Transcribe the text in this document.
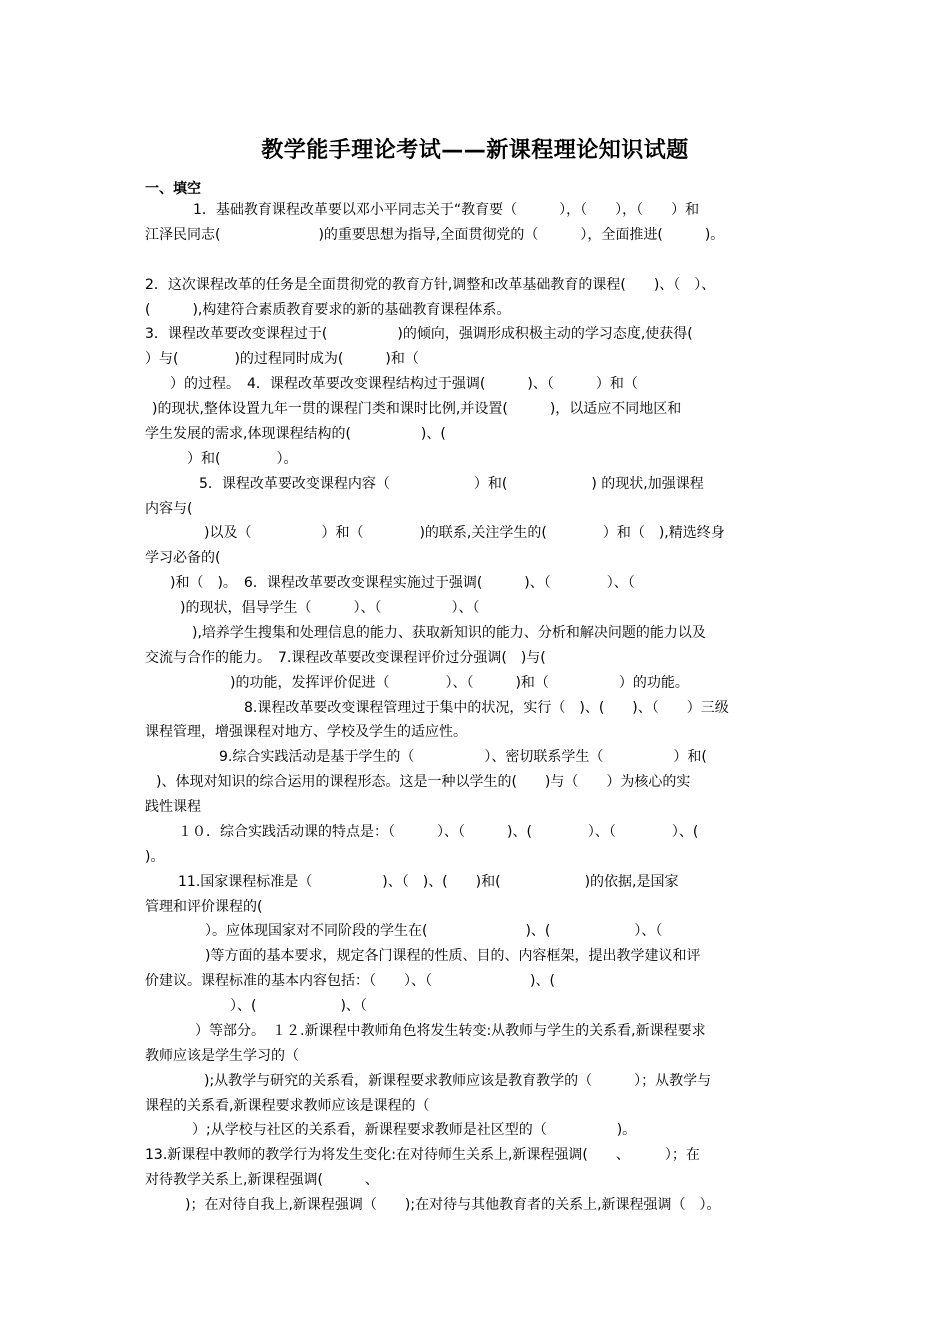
教学能手理论考试——新课程理论知识试题
一、填空
1．基础教育课程改革要以邓小平同志关于“教育要（　　　），（　　），（　　）和
江泽民同志(　　　　　　　)的重要思想为指导,全面贯彻党的（　　　），全面推进(　　　)。
2．这次课程改革的任务是全面贯彻党的教育方针,调整和改革基础教育的课程(　　)、（　）、
(　　　),构建符合素质教育要求的新的基础教育课程体系。
3．课程改革要改变课程过于(　　　　　)的倾向，强调形成积极主动的学习态度,使获得(
）与(　　　　)的过程同时成为(　　　)和（
）的过程。　4．课程改革要改变课程结构过于强调(　　　)、（　　　）和（
)的现状,整体设置九年一贯的课程门类和课时比例,并设置(　　　)，以适应不同地区和
学生发展的需求,体现课程结构的(　　　　　)、(
）和(　　　　）。
5．课程改革要改变课程内容（　　　　　　）和(　　　　　　) 的现状,加强课程
内容与(
)以及（　　　　　）和（　　　　)的联系,关注学生的(　　　　）和（　),精选终身
学习必备的(
)和（　)。　6．课程改革要改变课程实施过于强调(　　　)、（　　　　）、（
)的现状，倡导学生（　　　）、（　　　　　）、（
),培养学生搜集和处理信息的能力、获取新知识的能力、分析和解决问题的能力以及
交流与合作的能力。　7.课程改革要改变课程评价过分强调(　)与(
)的功能，发挥评价促进（　　　　）、（　　　)和（　　　　　）的功能。
8.课程改革要改变课程管理过于集中的状况，实行（　)、(　　)、（　　）三级
课程管理，增强课程对地方、学校及学生的适应性。
9.综合实践活动是基于学生的（　　　　　）、密切联系学生（　　　　　）和(
)、体现对知识的综合运用的课程形态。这是一种以学生的(　　)与（　　）为核心的实
践性课程
１０．综合实践活动课的特点是：（　　　）、（　　　)、(　　　　）、（　　　　）、(
)。
11.国家课程标准是（　　　　　)、（　)、(　　)和(　　　　　　)的依据,是国家
管理和评价课程的(
）。应体现国家对不同阶段的学生在(　　　　　　　)、(　　　　　　）、（
)等方面的基本要求，规定各门课程的性质、目的、内容框架，提出教学建议和评
价建议。课程标准的基本内容包括：（　　）、（　　　　　　　)、(
）、(　　　　　　)、（
）等部分。　１２.新课程中教师角色将发生转变:从教师与学生的关系看,新课程要求
教师应该是学生学习的（
);从教学与研究的关系看，新课程要求教师应该是教育教学的（　　　）；从教学与
课程的关系看,新课程要求教师应该是课程的（
）;从学校与社区的关系看，新课程要求教师是社区型的（　　　　　)。
13.新课程中教师的教学行为将发生变化:在对待师生关系上,新课程强调(　　、　　　）；在
对待教学关系上,新课程强调(　　　、
)；在对待自我上,新课程强调（　　);在对待与其他教育者的关系上,新课程强调（　）。
